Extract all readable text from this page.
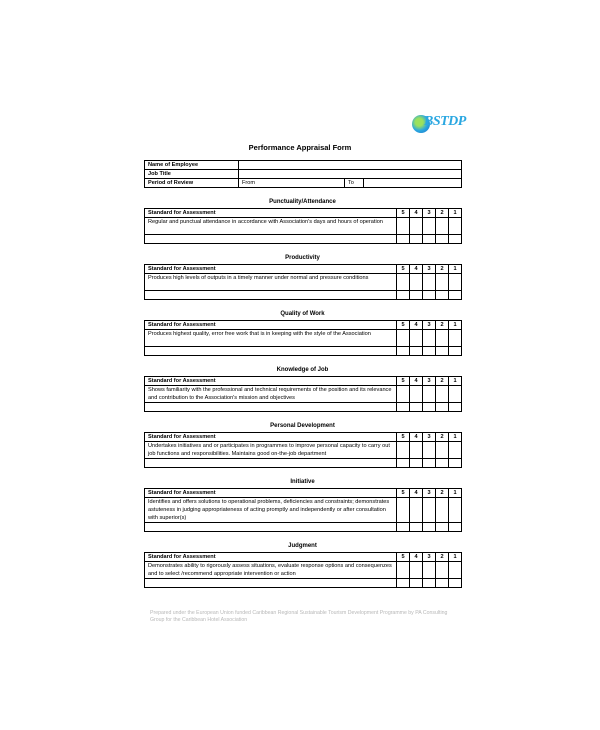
BSTDP
Performance Appraisal Form
Name of Employee			
Job Title			
Period of Review	From	To	
Punctuality/Attendance
Standard for Assessment	5	4	3	2	1
Regular and punctual attendance in accordance with Association's days and hours of operation					

Productivity
Standard for Assessment	5	4	3	2	1
Produces high levels of outputs in a timely manner under normal and pressure conditions					

Quality of Work
Standard for Assessment	5	4	3	2	1
Produces highest quality, error free work that is in keeping with the style of the Association					

Knowledge of Job
Standard for Assessment	5	4	3	2	1
Shows familiarity with the professional and technical requirements of the position and its relevance and contribution to the Association's mission and objectives					

Personal Development
Standard for Assessment	5	4	3	2	1
Undertakes initiatives and or participates in programmes to improve personal capacity to carry out job functions and responsibilities. Maintains good on-the-job department					

Initiative
Standard for Assessment	5	4	3	2	1
Identifies and offers solutions to operational problems, deficiencies and constraints; demonstrates astuteness in judging appropriateness of acting promptly and independently or after consultation with superior(s)					

Judgment
Standard for Assessment	5	4	3	2	1
Demonstrates ability to rigorously assess situations, evaluate response options and consequenzes and to select /recommend appropriate intervention or action					

Prepared under the European Union funded Caribbean Regional Sustainable Tourism Development Programme by PA Consulting Group for the Caribbean Hotel Association
